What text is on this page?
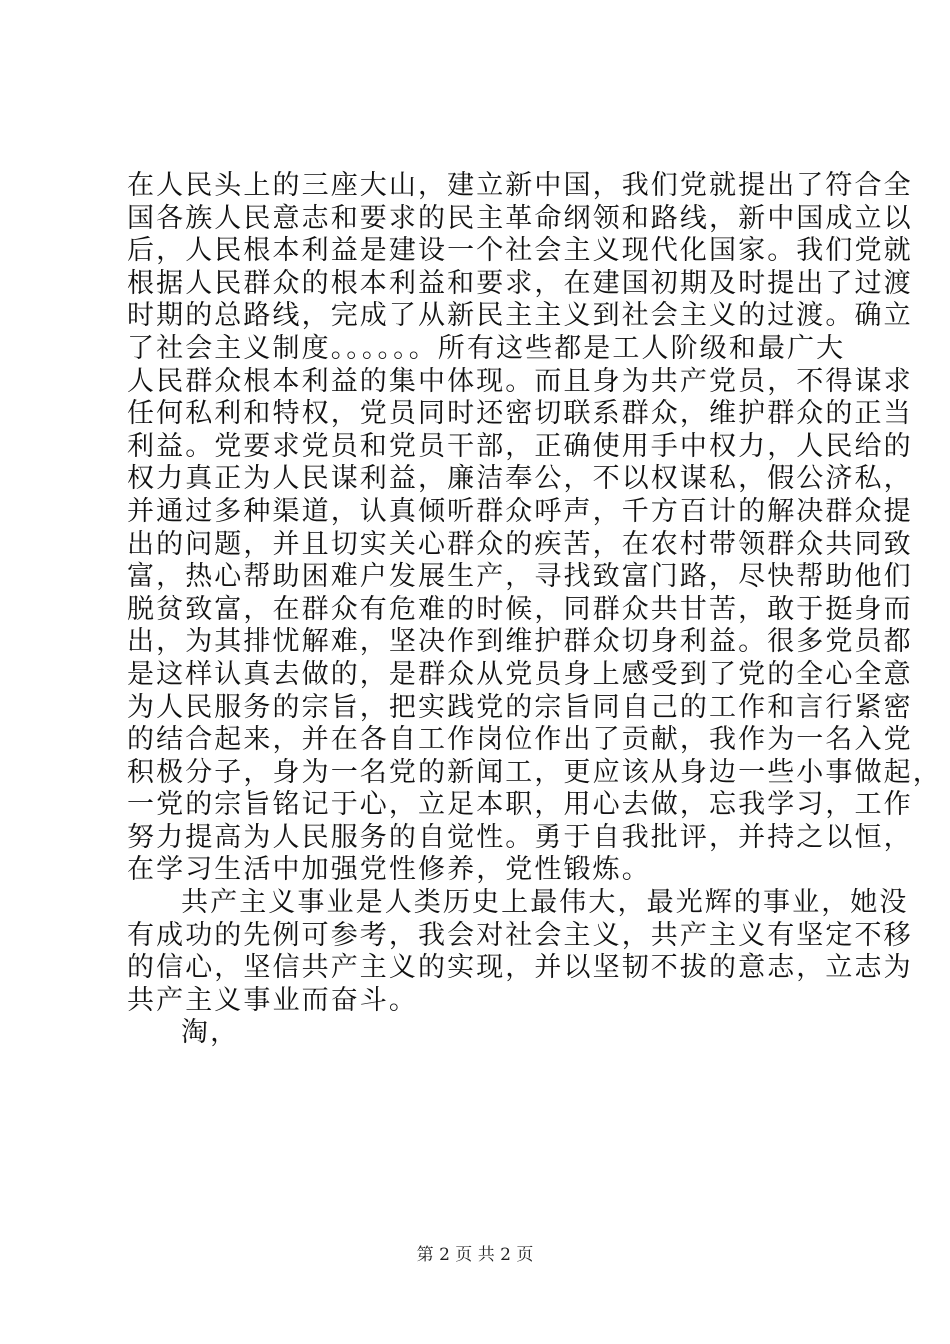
在人民头上的三座大山，建立新中国，我们党就提出了符合全
国各族人民意志和要求的民主革命纲领和路线，新中国成立以
后，人民根本利益是建设一个社会主义现代化国家。我们党就
根据人民群众的根本利益和要求，在建国初期及时提出了过渡
时期的总路线，完成了从新民主主义到社会主义的过渡。确立
了社会主义制度。。。。。。所有这些都是工人阶级和最广大
人民群众根本利益的集中体现。而且身为共产党员，不得谋求
任何私利和特权，党员同时还密切联系群众，维护群众的正当
利益。党要求党员和党员干部，正确使用手中权力，人民给的
权力真正为人民谋利益，廉洁奉公，不以权谋私，假公济私，
并通过多种渠道，认真倾听群众呼声，千方百计的解决群众提
出的问题，并且切实关心群众的疾苦，在农村带领群众共同致
富，热心帮助困难户发展生产，寻找致富门路，尽快帮助他们
脱贫致富，在群众有危难的时候，同群众共甘苦，敢于挺身而
出，为其排忧解难，坚决作到维护群众切身利益。很多党员都
是这样认真去做的，是群众从党员身上感受到了党的全心全意
为人民服务的宗旨，把实践党的宗旨同自己的工作和言行紧密
的结合起来，并在各自工作岗位作出了贡献，我作为一名入党
积极分子，身为一名党的新闻工，更应该从身边一些小事做起，
一党的宗旨铭记于心，立足本职，用心去做，忘我学习，工作
努力提高为人民服务的自觉性。勇于自我批评，并持之以恒，
在学习生活中加强党性修养，党性锻炼。
共产主义事业是人类历史上最伟大，最光辉的事业，她没
有成功的先例可参考，我会对社会主义，共产主义有坚定不移
的信心，坚信共产主义的实现，并以坚韧不拔的意志，立志为
共产主义事业而奋斗。
淘，
第 2 页 共 2 页
